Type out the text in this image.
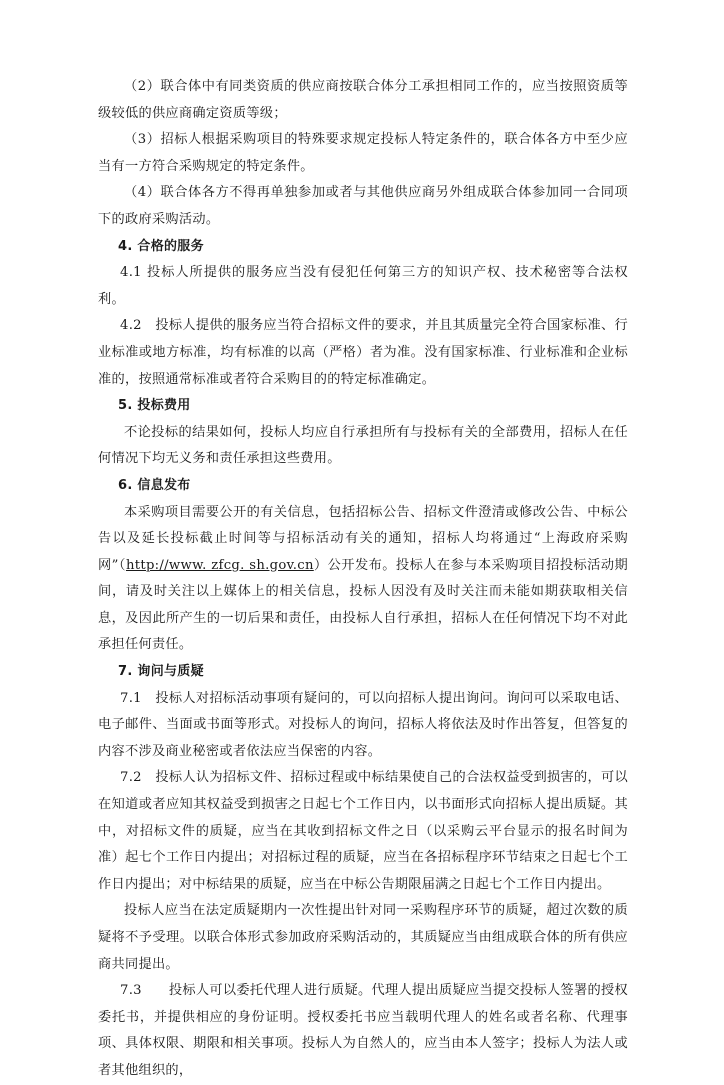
（2）联合体中有同类资质的供应商按联合体分工承担相同工作的，应当按照资质等级较低的供应商确定资质等级；

（3）招标人根据采购项目的特殊要求规定投标人特定条件的，联合体各方中至少应当有一方符合采购规定的特定条件。

（4）联合体各方不得再单独参加或者与其他供应商另外组成联合体参加同一合同项下的政府采购活动。

4. 合格的服务

4.1 投标人所提供的服务应当没有侵犯任何第三方的知识产权、技术秘密等合法权利。

4.2　投标人提供的服务应当符合招标文件的要求，并且其质量完全符合国家标准、行业标准或地方标准，均有标准的以高（严格）者为准。没有国家标准、行业标准和企业标准的，按照通常标准或者符合采购目的的特定标准确定。

5. 投标费用

不论投标的结果如何，投标人均应自行承担所有与投标有关的全部费用，招标人在任何情况下均无义务和责任承担这些费用。

6. 信息发布

本采购项目需要公开的有关信息，包括招标公告、招标文件澄清或修改公告、中标公告以及延长投标截止时间等与招标活动有关的通知，招标人均将通过“上海政府采购网”（http://www. zfcg. sh.gov.cn）公开发布。投标人在参与本采购项目招投标活动期间，请及时关注以上媒体上的相关信息，投标人因没有及时关注而未能如期获取相关信息，及因此所产生的一切后果和责任，由投标人自行承担，招标人在任何情况下均不对此承担任何责任。

7. 询问与质疑

7.1　投标人对招标活动事项有疑问的，可以向招标人提出询问。询问可以采取电话、电子邮件、当面或书面等形式。对投标人的询问，招标人将依法及时作出答复，但答复的内容不涉及商业秘密或者依法应当保密的内容。

7.2　投标人认为招标文件、招标过程或中标结果使自己的合法权益受到损害的，可以在知道或者应知其权益受到损害之日起七个工作日内，以书面形式向招标人提出质疑。其中，对招标文件的质疑，应当在其收到招标文件之日（以采购云平台显示的报名时间为准）起七个工作日内提出；对招标过程的质疑，应当在各招标程序环节结束之日起七个工作日内提出；对中标结果的质疑，应当在中标公告期限届满之日起七个工作日内提出。

投标人应当在法定质疑期内一次性提出针对同一采购程序环节的质疑，超过次数的质疑将不予受理。以联合体形式参加政府采购活动的，其质疑应当由组成联合体的所有供应商共同提出。

7.3　　投标人可以委托代理人进行质疑。代理人提出质疑应当提交投标人签署的授权委托书，并提供相应的身份证明。授权委托书应当载明代理人的姓名或者名称、代理事项、具体权限、期限和相关事项。投标人为自然人的，应当由本人签字；投标人为法人或者其他组织的，
